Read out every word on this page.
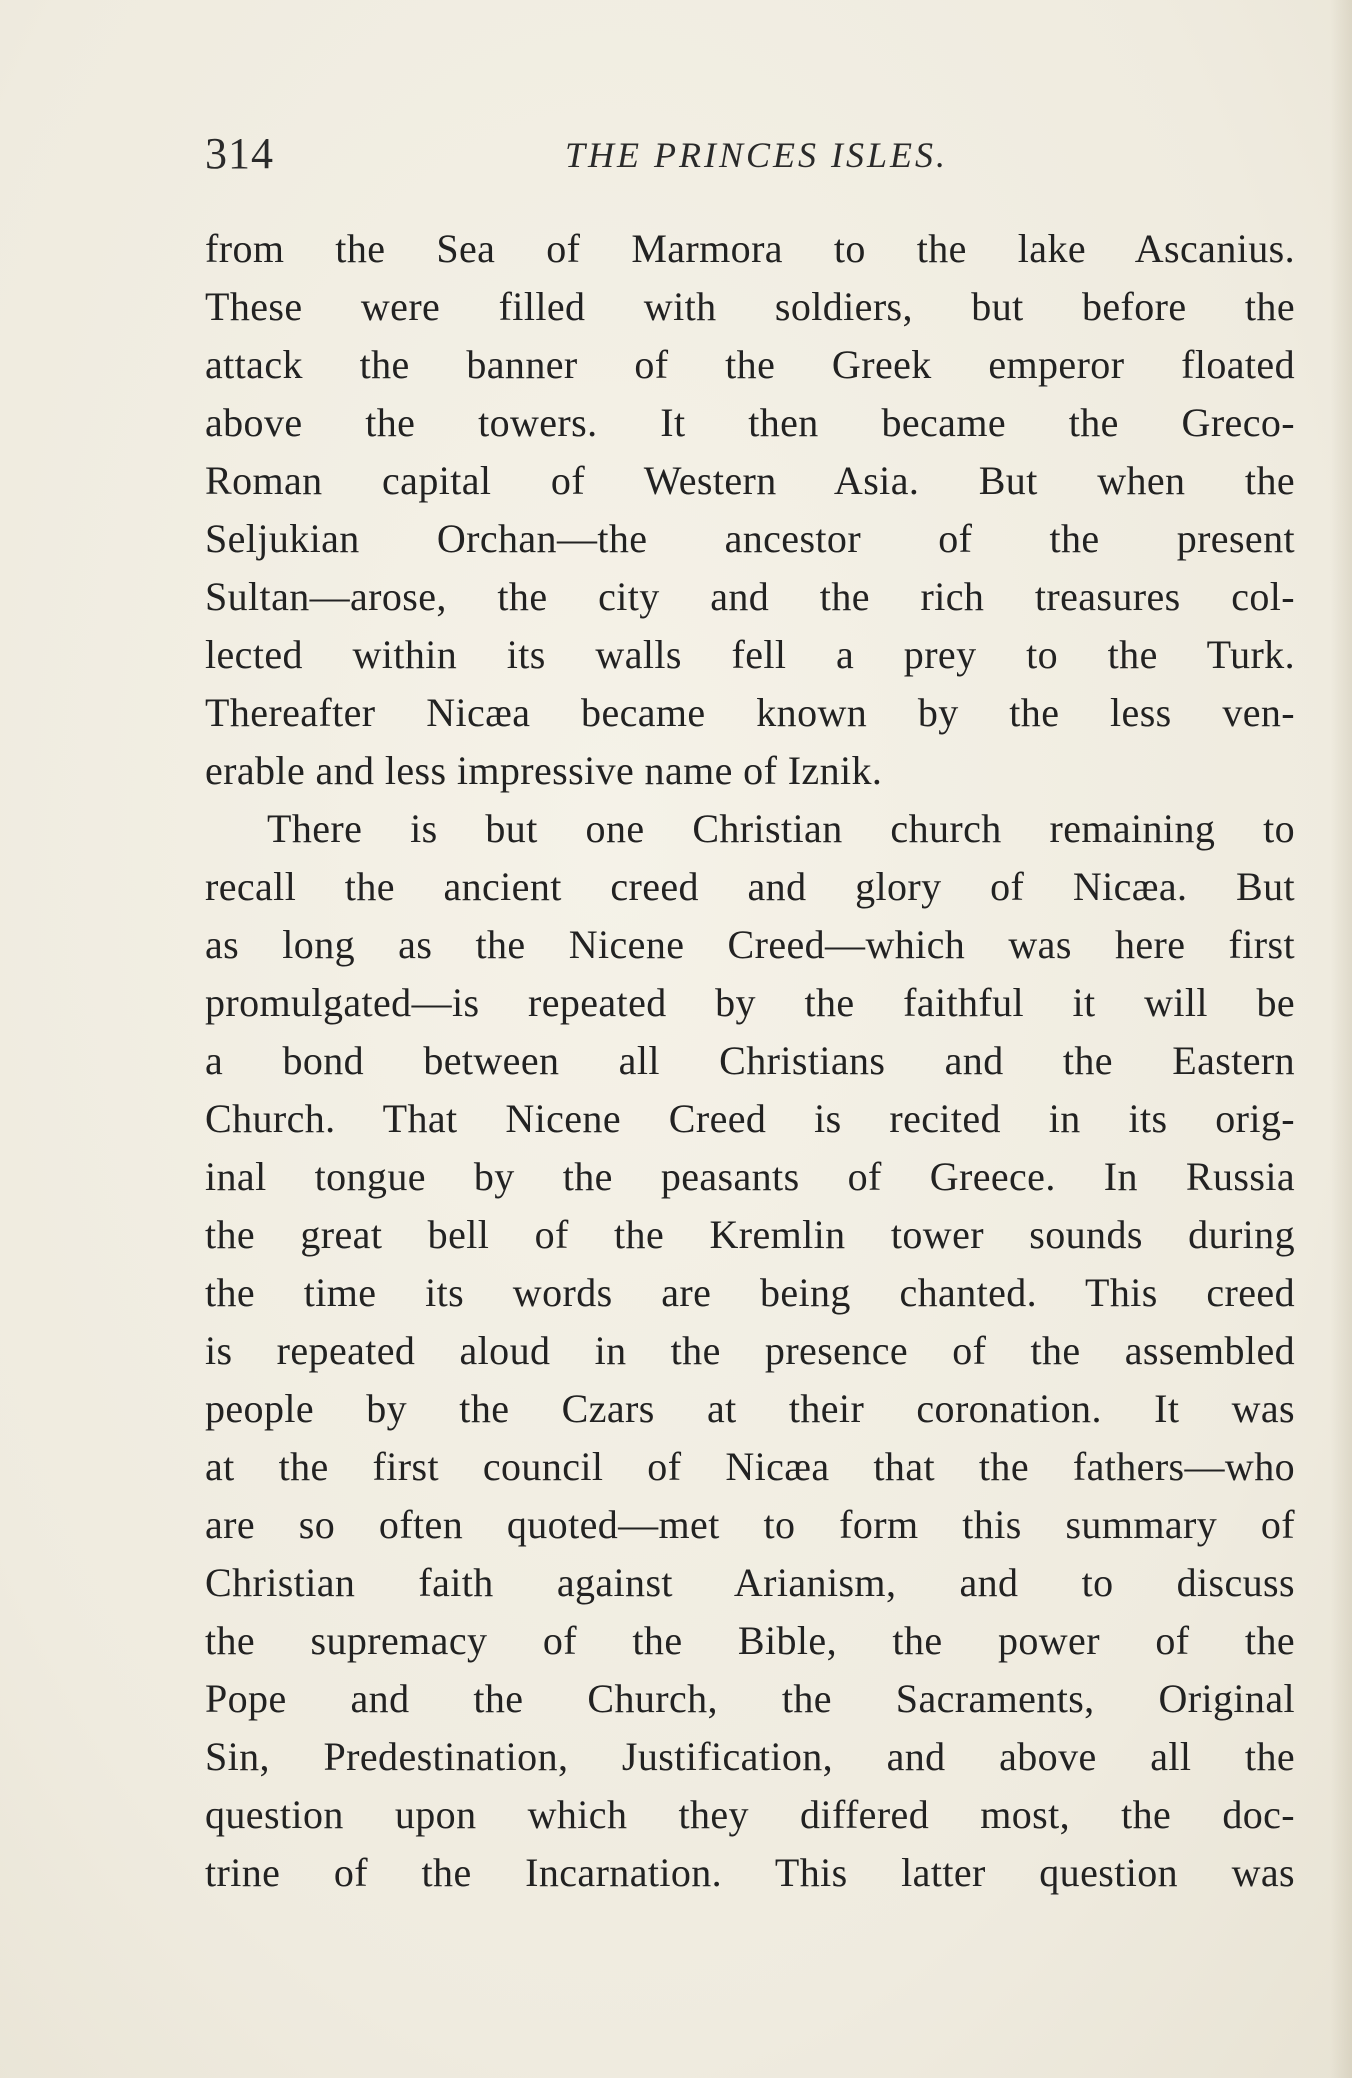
314	THE PRINCES ISLES.
from the Sea of Marmora to the lake Ascanius.
These were filled with soldiers, but before the
attack the banner of the Greek emperor floated
above the towers. It then became the Greco-
Roman capital of Western Asia. But when the
Seljukian Orchan—the ancestor of the present
Sultan—arose, the city and the rich treasures col-
lected within its walls fell a prey to the Turk.
Thereafter Nicæa became known by the less ven-
erable and less impressive name of Iznik.
There is but one Christian church remaining to
recall the ancient creed and glory of Nicæa. But
as long as the Nicene Creed—which was here first
promulgated—is repeated by the faithful it will be
a bond between all Christians and the Eastern
Church. That Nicene Creed is recited in its orig-
inal tongue by the peasants of Greece. In Russia
the great bell of the Kremlin tower sounds during
the time its words are being chanted. This creed
is repeated aloud in the presence of the assembled
people by the Czars at their coronation. It was
at the first council of Nicæa that the fathers—who
are so often quoted—met to form this summary of
Christian faith against Arianism, and to discuss
the supremacy of the Bible, the power of the
Pope and the Church, the Sacraments, Original
Sin, Predestination, Justification, and above all the
question upon which they differed most, the doc-
trine of the Incarnation. This latter question was
